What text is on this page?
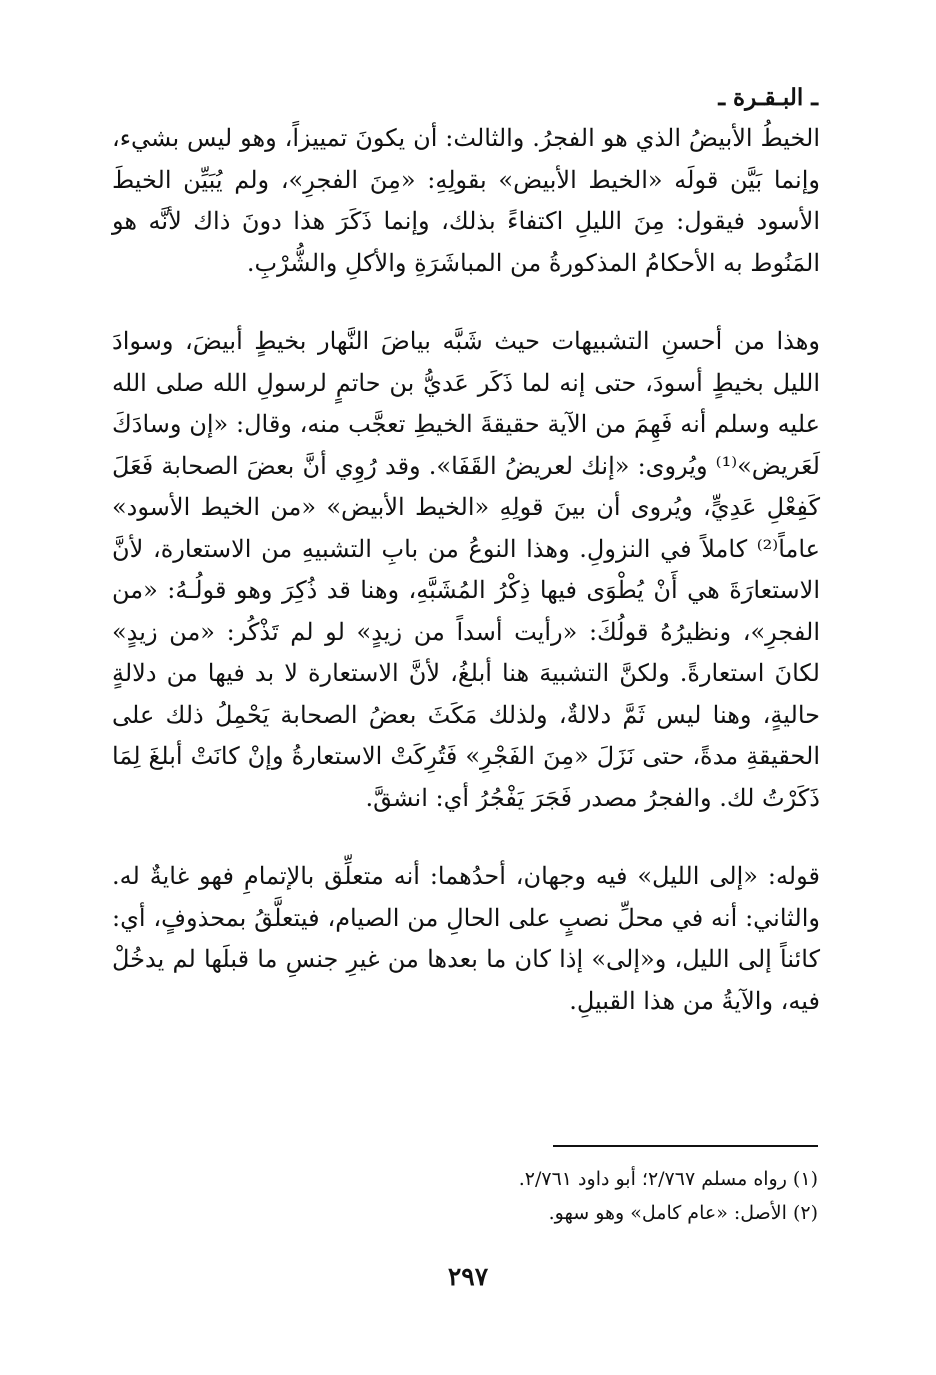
ـ البـقـرة ـ

الخيطُ الأبيضُ الذي هو الفجرُ. والثالث: أن يكونَ تمييزاً، وهو ليس بشيء، وإنما بَيَّن قولَه «الخيط الأبيض» بقولِهِ: «مِنَ الفجرِ»، ولم يُبَيِّن الخيطَ الأسود فيقول: مِنَ الليلِ اكتفاءً بذلك، وإنما ذَكَرَ هذا دونَ ذاك لأنَّه هو المَنُوط به الأحكامُ المذكورةُ من المباشَرَةِ والأكلِ والشُّرْبِ.

وهذا من أحسنِ التشبيهات حيث شَبَّه بياضَ النَّهار بخيطٍ أبيضَ، وسوادَ الليل بخيطٍ أسودَ، حتى إنه لما ذَكَر عَديُّ بن حاتمٍ لرسولِ الله صلى الله عليه وسلم أنه فَهِمَ من الآية حقيقةَ الخيطِ تعجَّب منه، وقال: «إن وسادَكَ لَعَريض»⁽¹⁾ ويُروى: «إنك لعريضُ القَفَا». وقد رُوِي أنَّ بعضَ الصحابة فَعَلَ كَفِعْلِ عَدِيٍّ، ويُروى أن بينَ قولِهِ «الخيط الأبيض» «من الخيط الأسود» عاماً⁽²⁾ كاملاً في النزولِ. وهذا النوعُ من بابِ التشبيهِ من الاستعارة، لأنَّ الاستعارَةَ هي أَنْ يُطْوَى فيها ذِكْرُ المُشَبَّهِ، وهنا قد ذُكِرَ وهو قولُـهُ: «من الفجرِ»، ونظيرُهُ قولُكَ: «رأيت أسداً من زيدٍ» لو لم تَذْكُر: «من زيدٍ» لكانَ استعارةً. ولكنَّ التشبيهَ هنا أبلغُ، لأنَّ الاستعارة لا بد فيها من دلالةٍ حاليةٍ، وهنا ليس ثَمَّ دلالةٌ، ولذلك مَكَثَ بعضُ الصحابة يَحْمِلُ ذلك على الحقيقةِ مدةً، حتى نَزَلَ «مِنَ الفَجْرِ» فَتُرِكَتْ الاستعارةُ وإنْ كانَتْ أبلغَ لِمَا ذَكَرْتُ لك. والفجرُ مصدر فَجَرَ يَفْجُرُ أي: انشقَّ.

قوله: «إلى الليل» فيه وجهان، أحدُهما: أنه متعلِّق بالإتمامِ فهو غايةٌ له. والثاني: أنه في محلِّ نصبٍ على الحالِ من الصيام، فيتعلَّقُ بمحذوفٍ، أي: كائناً إلى الليل، و«إلى» إذا كان ما بعدها من غيرِ جنسِ ما قبلَها لم يدخُلْ فيه، والآيةُ من هذا القبيلِ.

(١) رواه مسلم ٢/٧٦٧؛ أبو داود ٢/٧٦١.
(٢) الأصل: «عام كامل» وهو سهو.
٢٩٧
